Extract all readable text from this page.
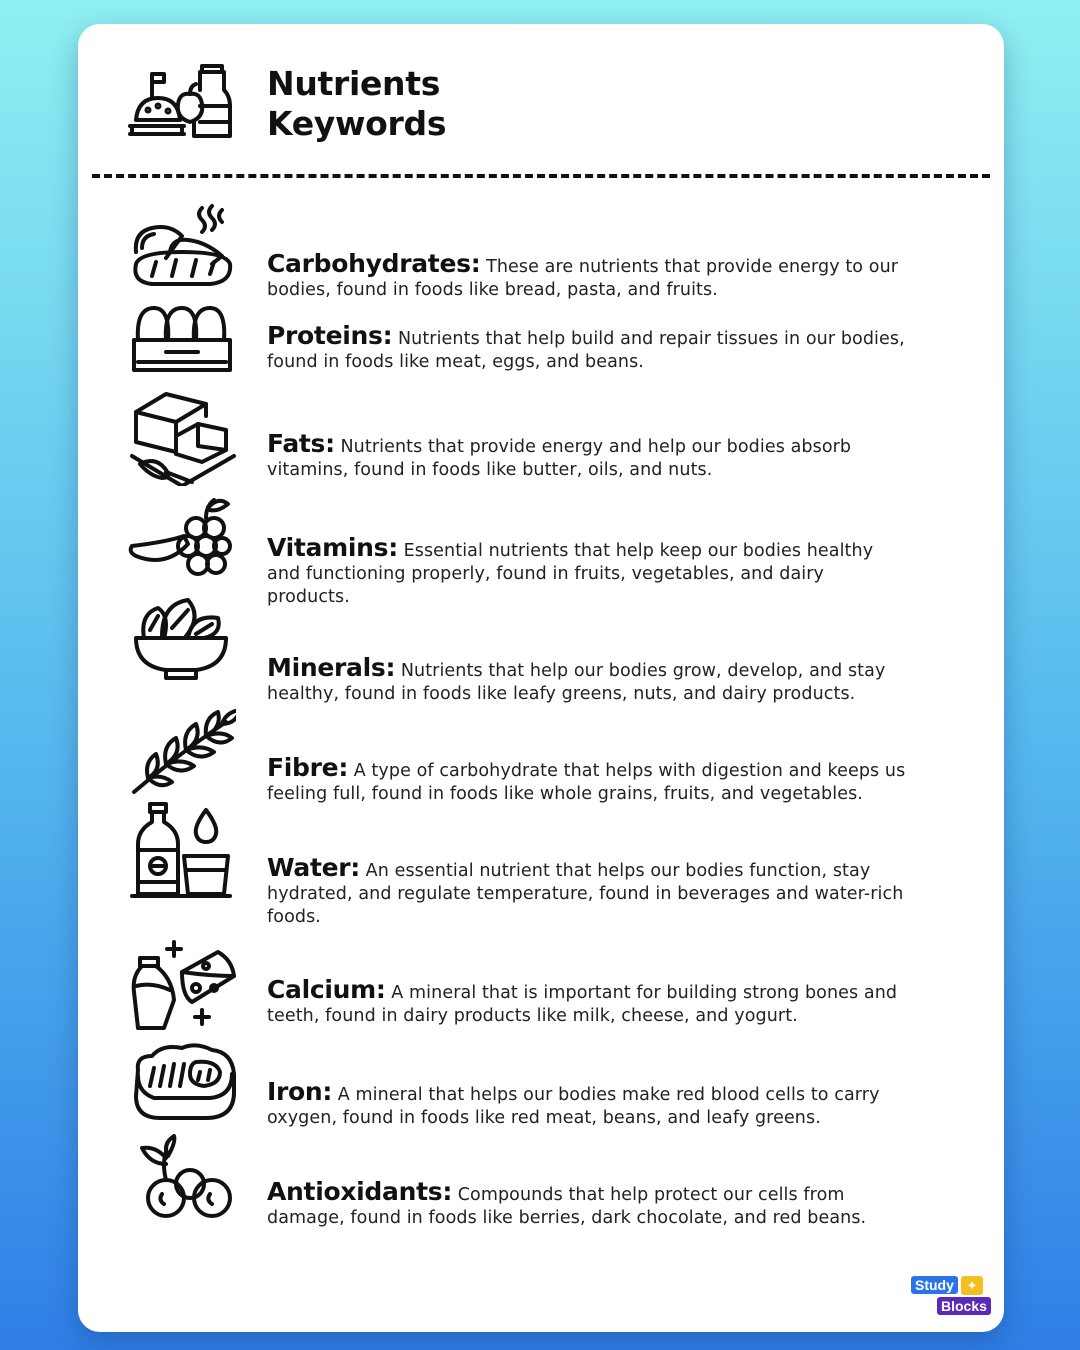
Nutrients
Keywords
Carbohydrates: These are nutrients that provide energy to our bodies, found in foods like bread, pasta, and fruits.
Proteins: Nutrients that help build and repair tissues in our bodies, found in foods like meat, eggs, and beans.
Fats: Nutrients that provide energy and help our bodies absorb vitamins, found in foods like butter, oils, and nuts.
Vitamins: Essential nutrients that help keep our bodies healthy and functioning properly, found in fruits, vegetables, and dairy products.
Minerals: Nutrients that help our bodies grow, develop, and stay healthy, found in foods like leafy greens, nuts, and dairy products.
Fibre: A type of carbohydrate that helps with digestion and keeps us feeling full, found in foods like whole grains, fruits, and vegetables.
Water: An essential nutrient that helps our bodies function, stay hydrated, and regulate temperature, found in beverages and water-rich foods.
Calcium: A mineral that is important for building strong bones and teeth, found in dairy products like milk, cheese, and yogurt.
Iron: A mineral that helps our bodies make red blood cells to carry oxygen, found in foods like red meat, beans, and leafy greens.
Antioxidants: Compounds that help protect our cells from damage, found in foods like berries, dark chocolate, and red beans.
Study ✦
Blocks
